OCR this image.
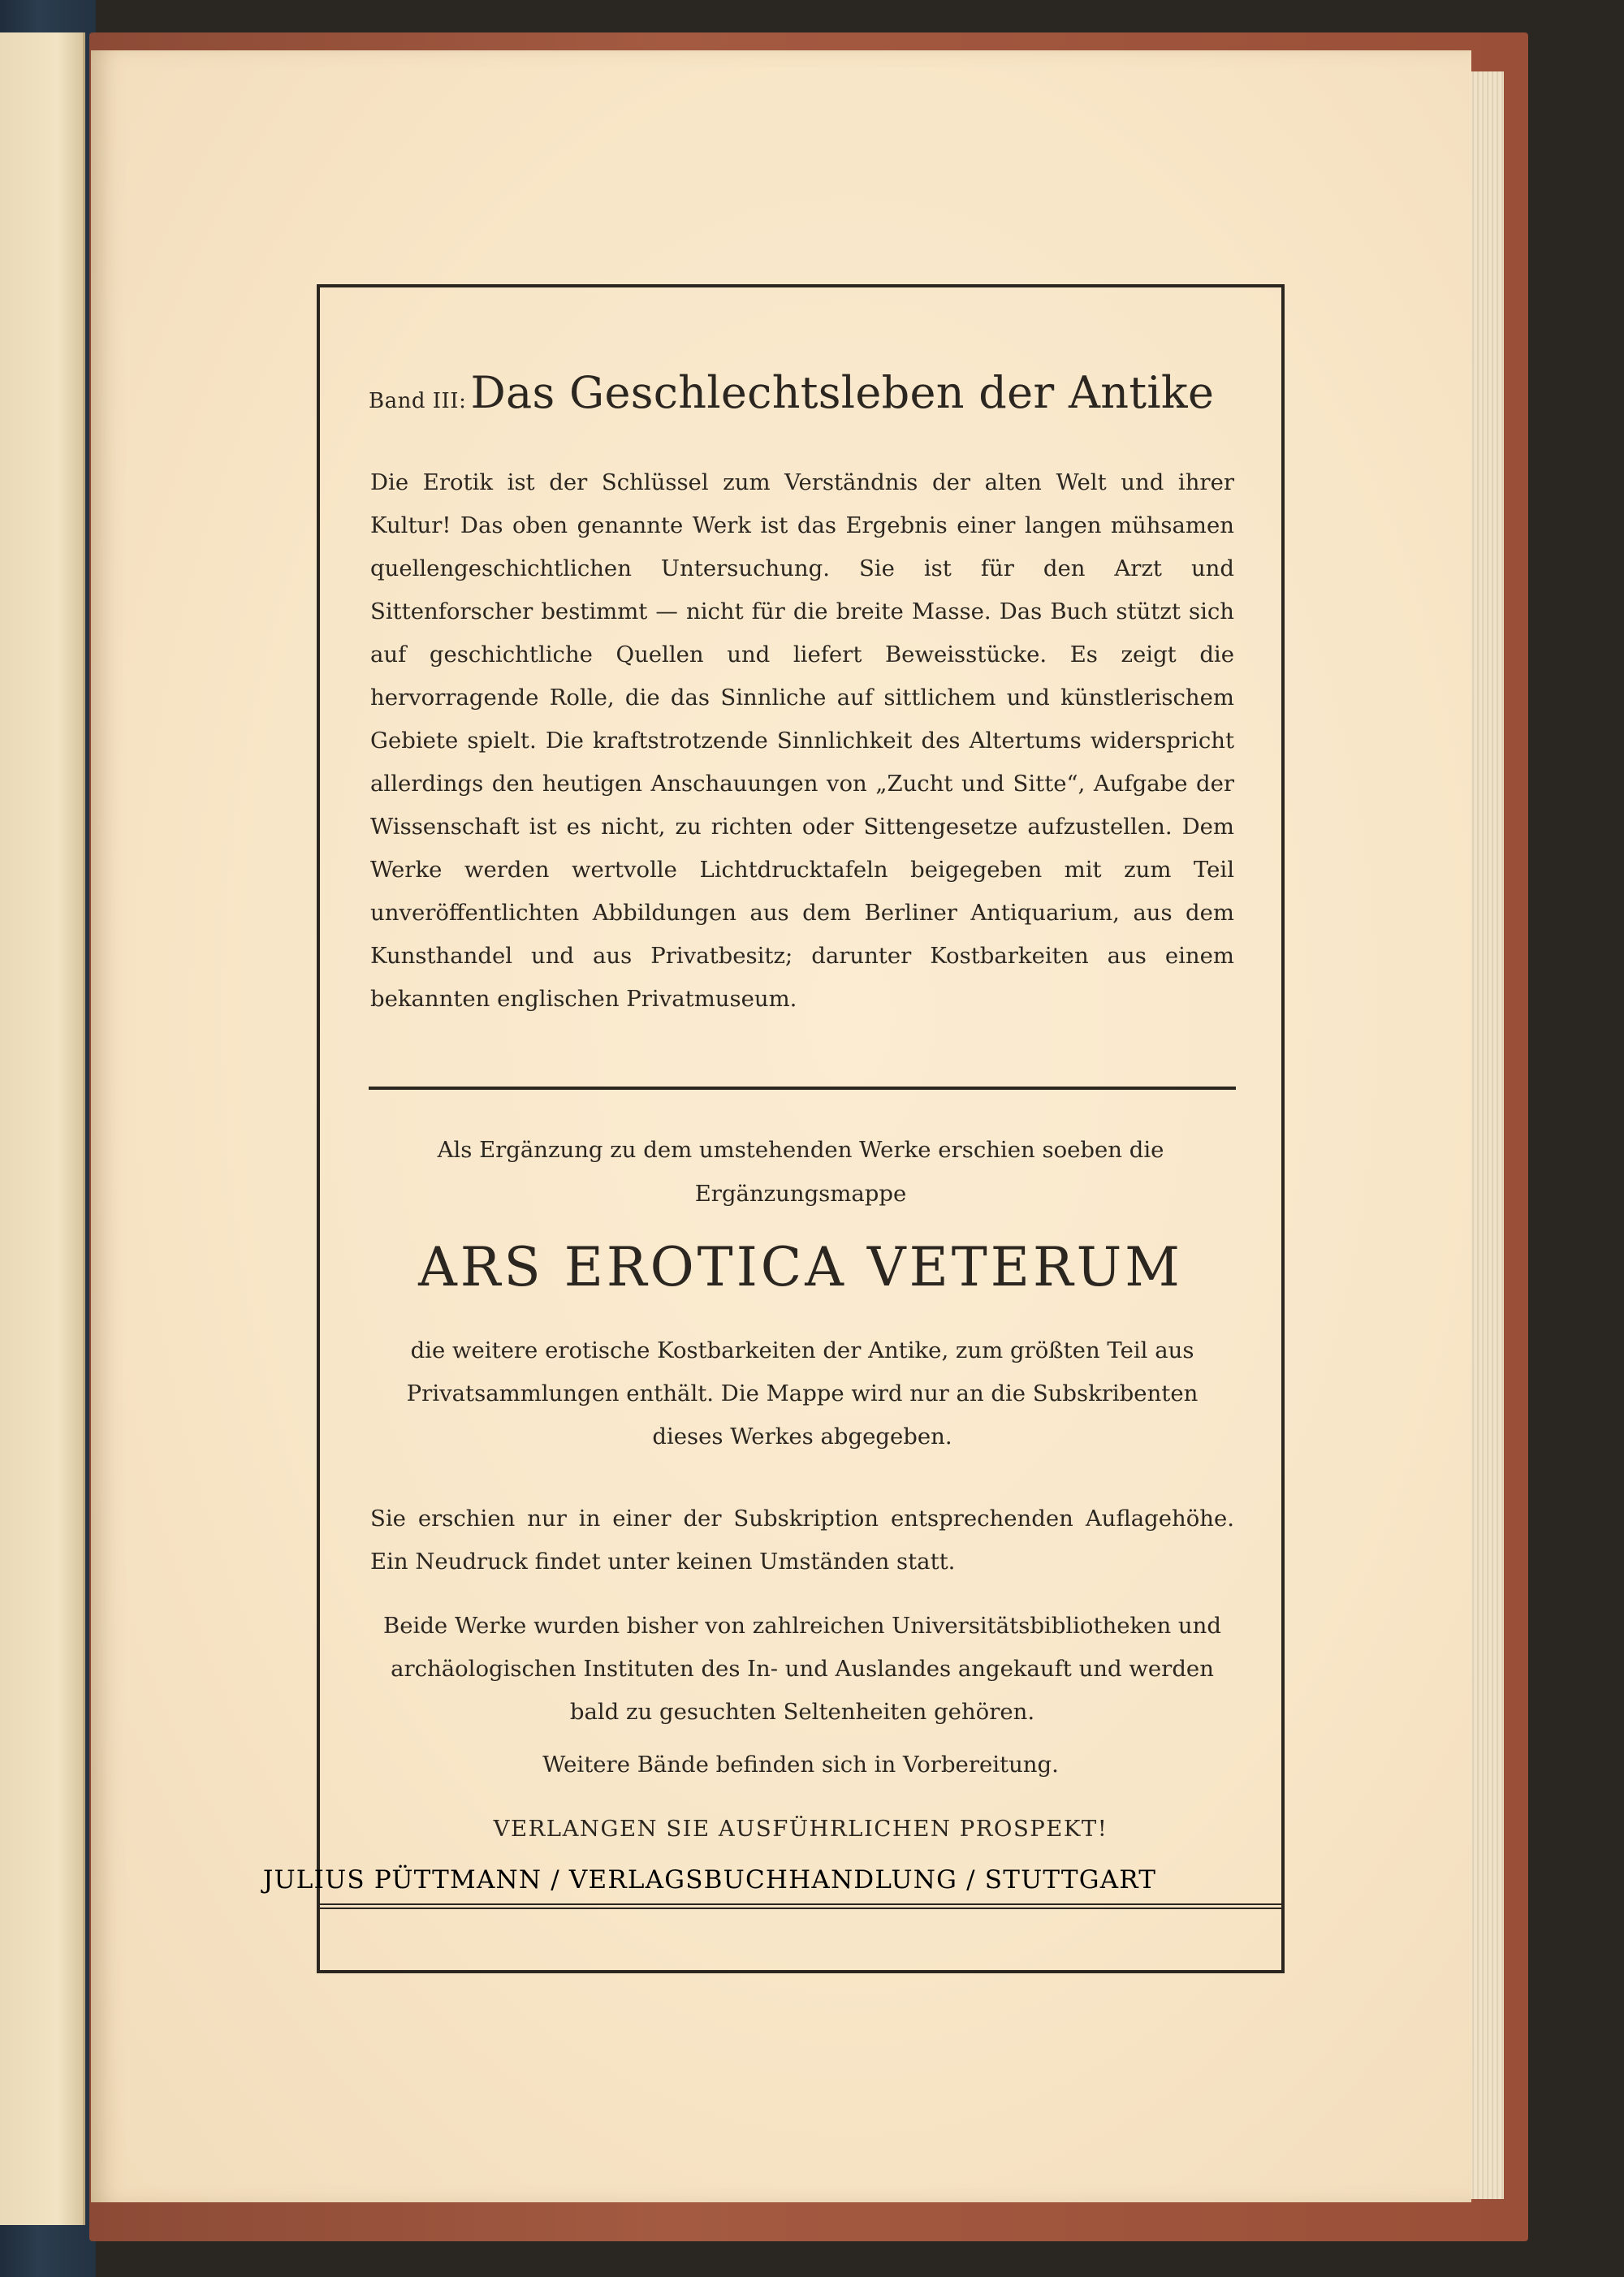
Band III: Das Geschlechtsleben der Antike

Die Erotik ist der Schlüssel zum Verständnis der alten Welt und ihrer Kultur! Das oben genannte Werk ist das Ergebnis einer langen mühsamen quellengeschichtlichen Untersuchung. Sie ist für den Arzt und Sittenforscher bestimmt — nicht für die breite Masse. Das Buch stützt sich auf geschichtliche Quellen und liefert Beweisstücke. Es zeigt die hervorragende Rolle, die das Sinnliche auf sittlichem und künstlerischem Gebiete spielt. Die kraftstrotzende Sinnlichkeit des Altertums widerspricht allerdings den heutigen Anschauungen von „Zucht und Sitte“, Aufgabe der Wissenschaft ist es nicht, zu richten oder Sittengesetze aufzustellen. Dem Werke werden wertvolle Lichtdrucktafeln beigegeben mit zum Teil unveröffentlichten Abbildungen aus dem Berliner Antiquarium, aus dem Kunsthandel und aus Privatbesitz; darunter Kostbarkeiten aus einem bekannten englischen Privatmuseum.

Als Ergänzung zu dem umstehenden Werke erschien soeben die
Ergänzungsmappe
ARS EROTICA VETERUM

die weitere erotische Kostbarkeiten der Antike, zum größten Teil aus Privatsammlungen enthält. Die Mappe wird nur an die Subskribenten dieses Werkes abgegeben.

Sie erschien nur in einer der Subskription entsprechenden Auflagehöhe. Ein Neudruck findet unter keinen Umständen statt.

Beide Werke wurden bisher von zahlreichen Universitätsbibliotheken und archäologischen Instituten des In- und Auslandes angekauft und werden bald zu gesuchten Seltenheiten gehören.

Weitere Bände befinden sich in Vorbereitung.
VERLANGEN SIE AUSFÜHRLICHEN PROSPEKT!
JULIUS PÜTTMANN / VERLAGSBUCHHANDLUNG / STUTTGART
